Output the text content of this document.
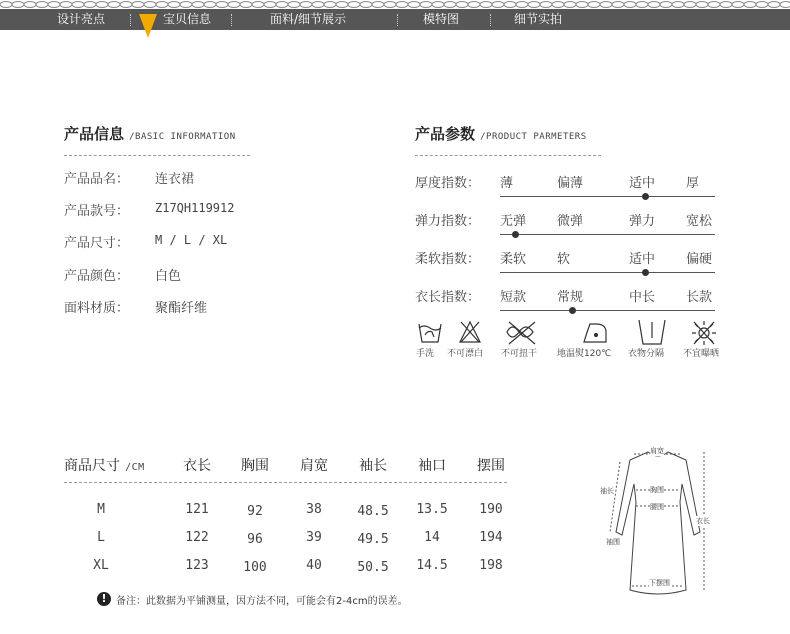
设计亮点	宝贝信息	面料/细节展示	模特图	细节实拍
产品信息 /BASIC INFORMATION
产品品名： 连衣裙
产品款号： Z17QH119912
产品尺寸： M / L / XL
产品颜色： 白色
面料材质： 聚酯纤维
产品参数 /PRODUCT PARMETERS
厚度指数： 薄	偏薄	适中 厚
弹力指数： 无弹 微弹	弹力 宽松
柔软指数： 柔软 软	适中 偏硬
衣长指数： 短款 常规	中长 长款
手洗 不可漂白 不可扭干 地温熨120℃ 衣物分隔 不宜曝晒
商品尺寸 /CM	衣长	胸围	肩宽	袖长	袖口	摆围
M	121	92	38	48.5	13.5	190
L	122	96	39	49.5	14	194
XL	123	100	40	50.5	14.5	198
! 备注：此数据为平铺测量，因方法不同，可能会有2-4cm的误差。
肩宽
胸围
袖长
腰围
衣长
袖围
下摆围
